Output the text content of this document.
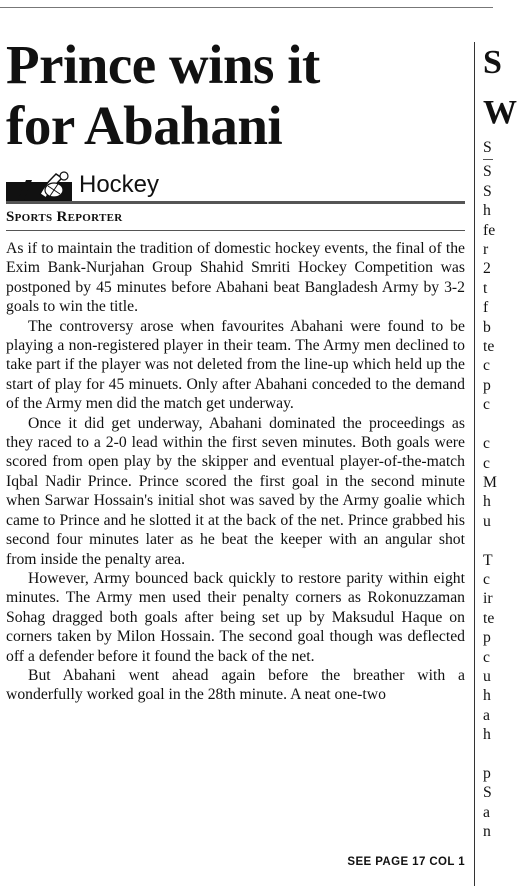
Prince wins it
for Abahani
Hockey
Sports Reporter

As if to maintain the tradition of domestic hockey events, the final of the Exim Bank-Nurjahan Group Shahid Smriti Hockey Competition was postponed by 45 minutes before Abahani beat Bangladesh Army by 3-2 goals to win the title.

The controversy arose when favourites Abahani were found to be playing a non-registered player in their team. The Army men declined to take part if the player was not deleted from the line-up which held up the start of play for 45 minuets. Only after Abahani conceded to the demand of the Army men did the match get underway.

Once it did get underway, Abahani dominated the proceedings as they raced to a 2-0 lead within the first seven minutes. Both goals were scored from open play by the skipper and eventual player-of-the-match Iqbal Nadir Prince. Prince scored the first goal in the second minute when Sarwar Hossain's initial shot was saved by the Army goalie which came to Prince and he slotted it at the back of the net. Prince grabbed his second four minutes later as he beat the keeper with an angular shot from inside the penalty area.

However, Army bounced back quickly to restore parity within eight minutes. The Army men used their penalty corners as Rokonuzzaman Sohag dragged both goals after being set up by Maksudul Haque on corners taken by Milon Hossain. The second goal though was deflected off a defender before it found the back of the net.

But Abahani went ahead again before the breather with a wonderfully worked goal in the 28th minute. A neat one-two

SEE PAGE 17 COL 1
S
W
S
S
S
h
fe
r
2
t
f
b
te
c
p
c

c
c
M
h
u

T
c
ir
te
p
c
u
h
a
h

p
S
a
n
